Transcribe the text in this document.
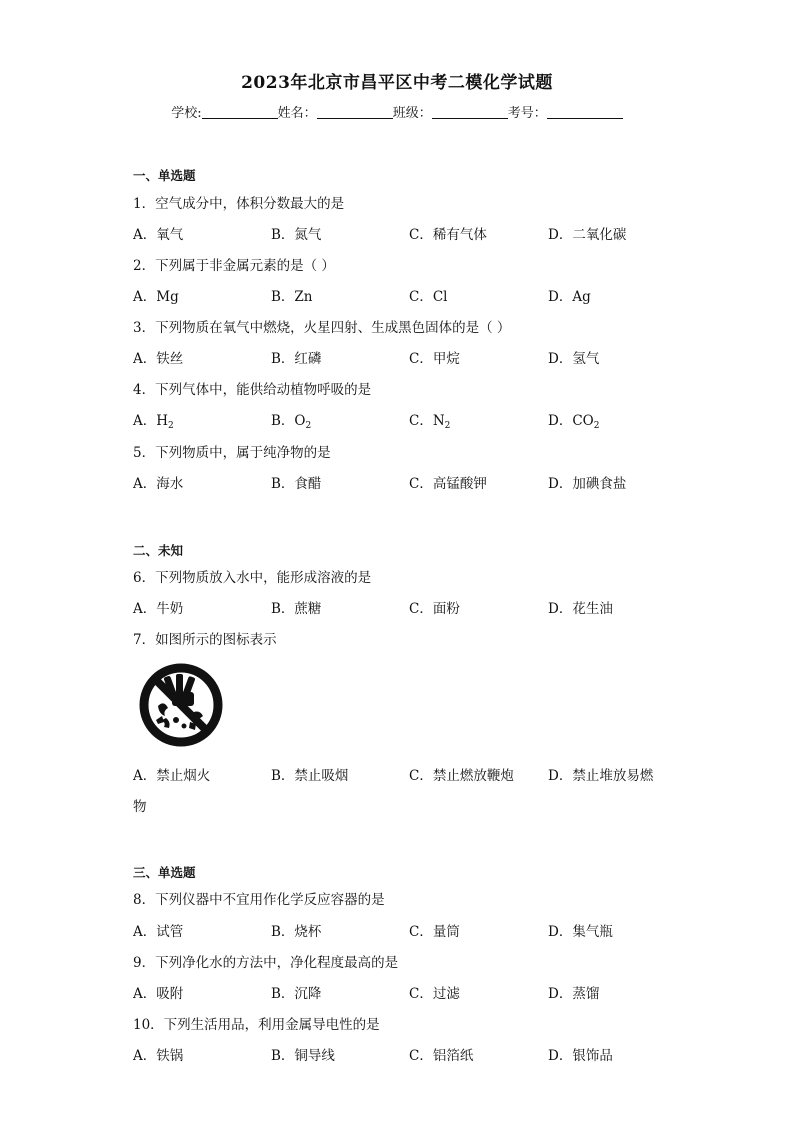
2023年北京市昌平区中考二模化学试题
学校:	姓名：	班级：	考号：
一、单选题
1．空气成分中，体积分数最大的是
A．氧气	B．氮气	C．稀有气体	D．二氧化碳
2．下列属于非金属元素的是（ ）
A．Mg	B．Zn	C．Cl	D．Ag
3．下列物质在氧气中燃烧，火星四射、生成黑色固体的是（ ）
A．铁丝	B．红磷	C．甲烷	D．氢气
4．下列气体中，能供给动植物呼吸的是
A．$H_2$	B．$O_2$	C．$N_2$	D．$CO_2$
5．下列物质中，属于纯净物的是
A．海水	B．食醋	C．高锰酸钾	D．加碘食盐
二、未知
6．下列物质放入水中，能形成溶液的是
A．牛奶	B．蔗糖	C．面粉	D．花生油
7．如图所示的图标表示
A．禁止烟火	B．禁止吸烟	C．禁止燃放鞭炮	D．禁止堆放易燃
物
三、单选题
8．下列仪器中不宜用作化学反应容器的是
A．试管	B．烧杯	C．量筒	D．集气瓶
9．下列净化水的方法中，净化程度最高的是
A．吸附	B．沉降	C．过滤	D．蒸馏
10．下列生活用品，利用金属导电性的是
A．铁锅	B．铜导线	C．铝箔纸	D．银饰品
